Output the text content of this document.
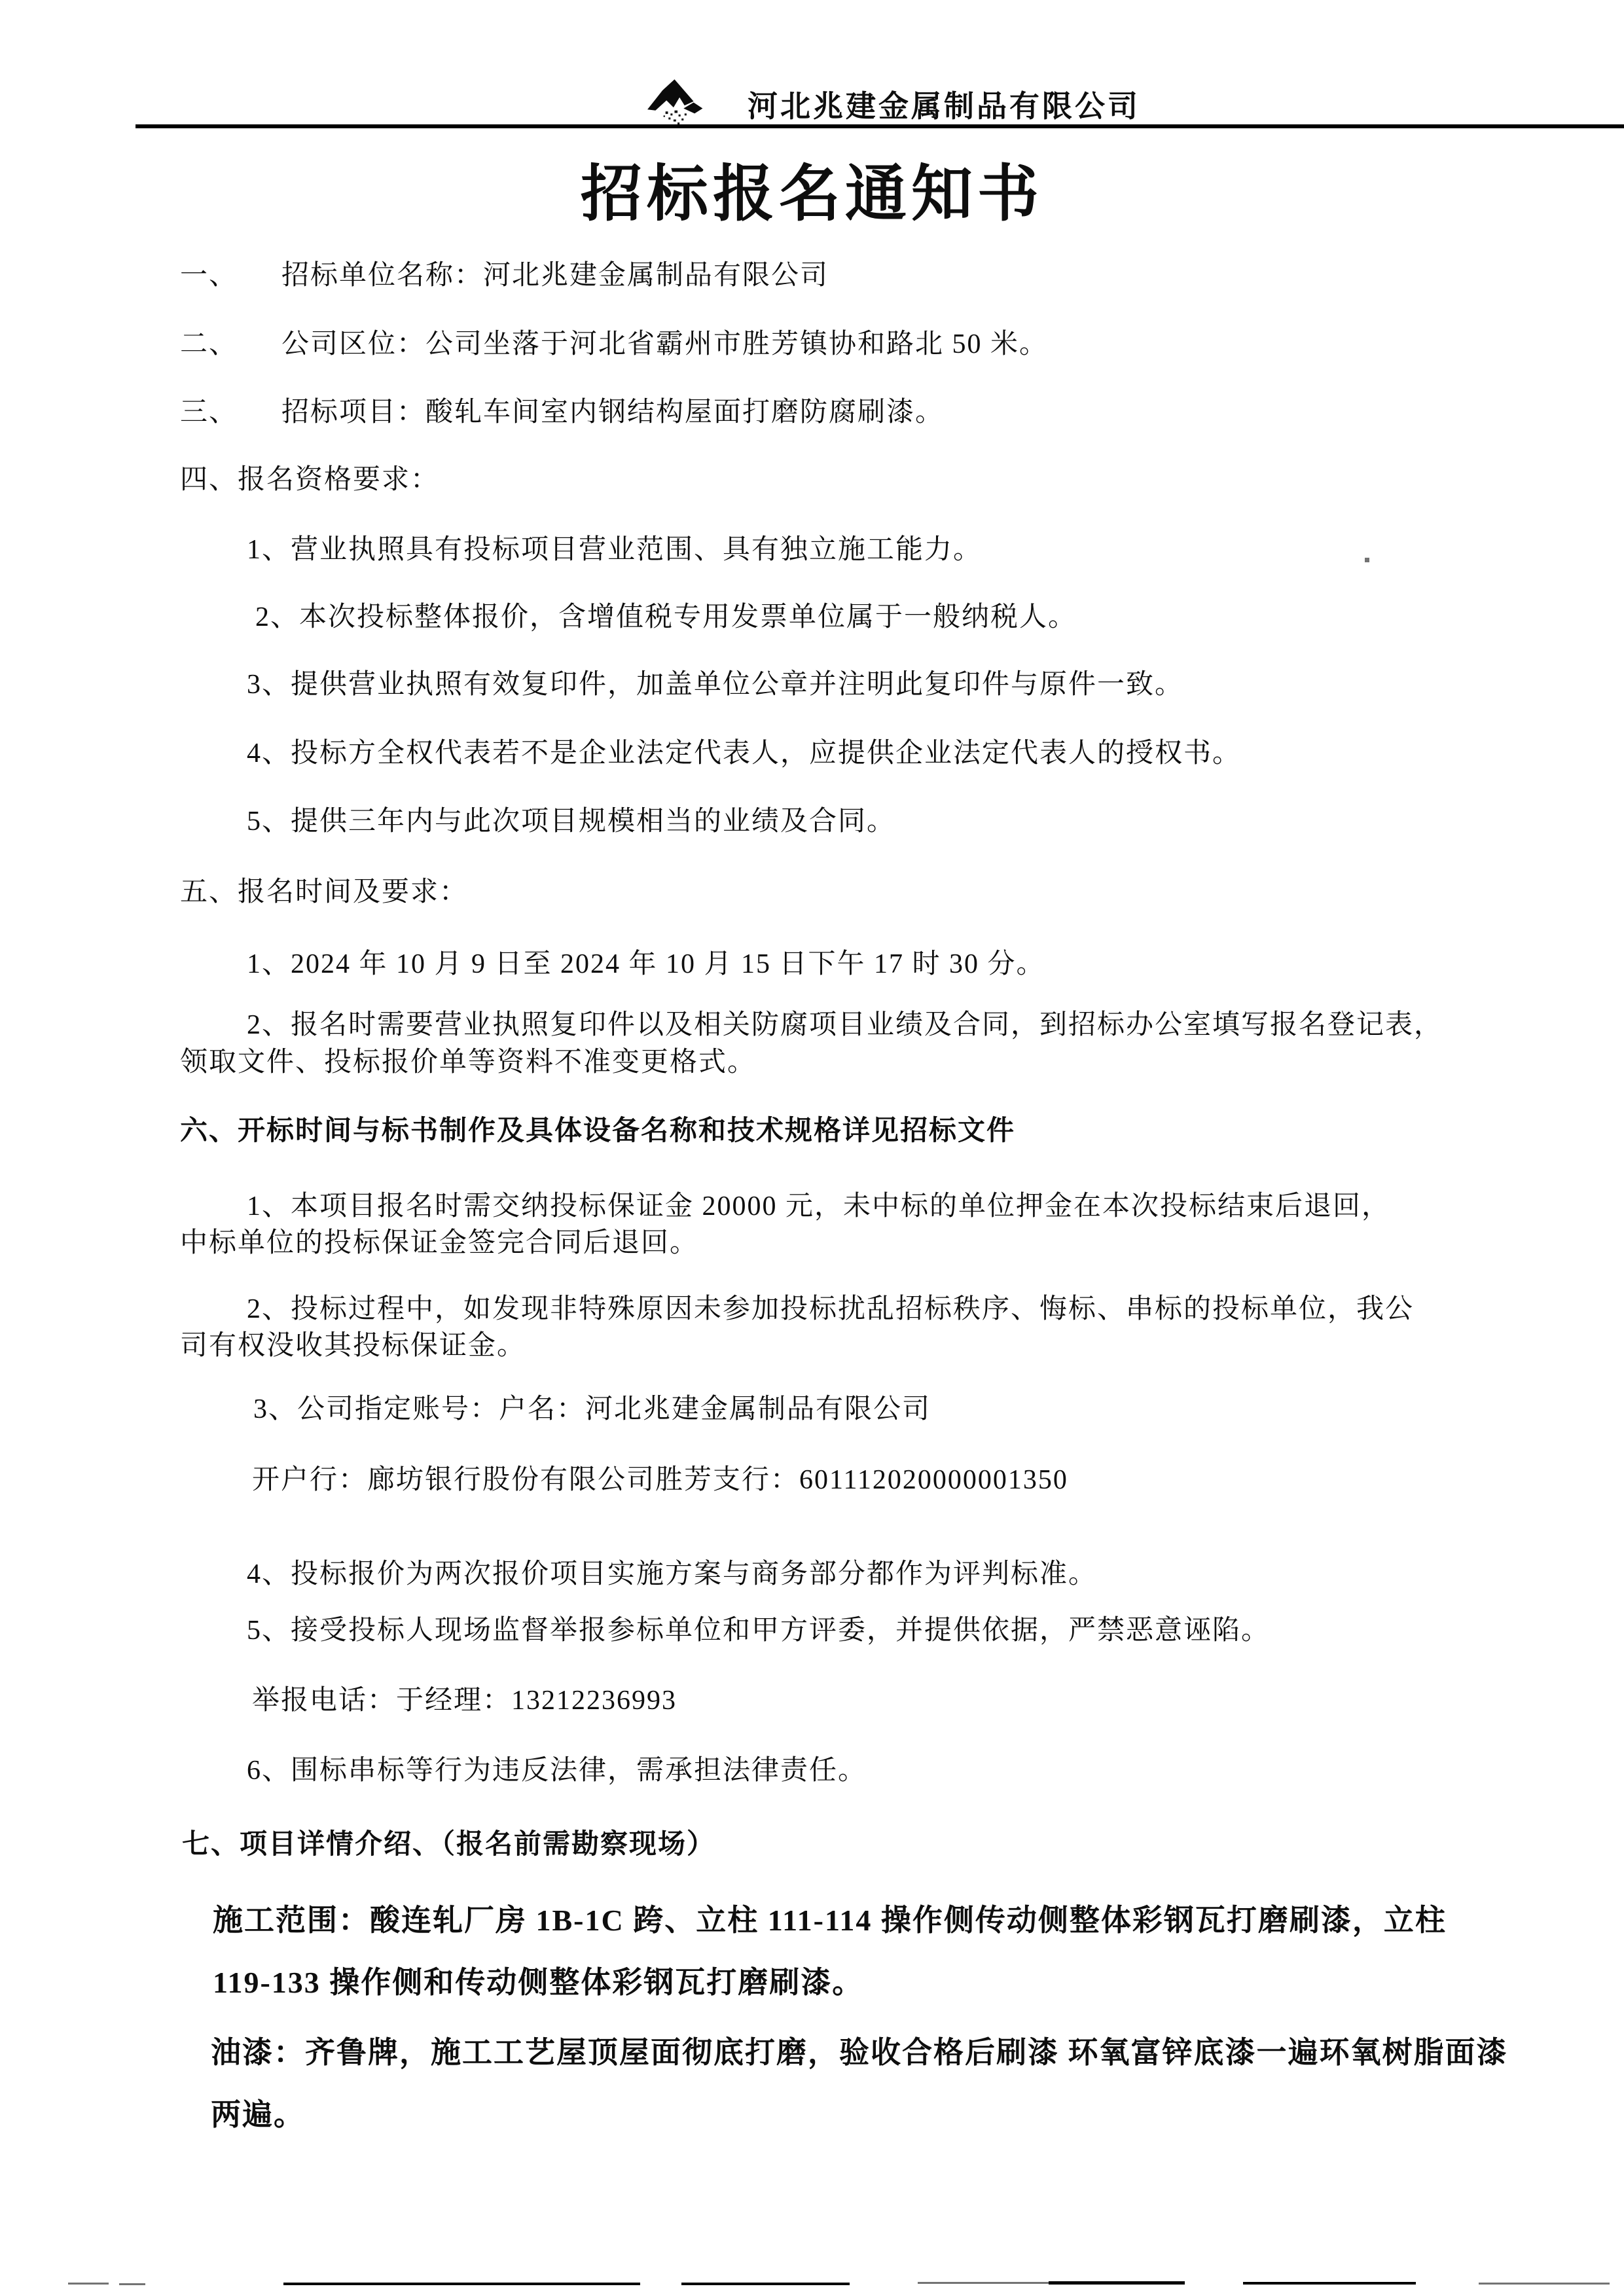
河北兆建金属制品有限公司
招标报名通知书
一、 招标单位名称：河北兆建金属制品有限公司
二、 公司区位：公司坐落于河北省霸州市胜芳镇协和路北 50 米。
三、 招标项目：酸轧车间室内钢结构屋面打磨防腐刷漆。
四、报名资格要求：
1、营业执照具有投标项目营业范围、具有独立施工能力。
2、本次投标整体报价，含增值税专用发票单位属于一般纳税人。
3、提供营业执照有效复印件，加盖单位公章并注明此复印件与原件一致。
4、投标方全权代表若不是企业法定代表人，应提供企业法定代表人的授权书。
5、提供三年内与此次项目规模相当的业绩及合同。
五、报名时间及要求：
1、2024 年 10 月 9 日至 2024 年 10 月 15 日下午 17 时 30 分。
2、报名时需要营业执照复印件以及相关防腐项目业绩及合同，到招标办公室填写报名登记表，
领取文件、投标报价单等资料不准变更格式。
六、开标时间与标书制作及具体设备名称和技术规格详见招标文件
1、本项目报名时需交纳投标保证金 20000 元，未中标的单位押金在本次投标结束后退回，
中标单位的投标保证金签完合同后退回。
2、投标过程中，如发现非特殊原因未参加投标扰乱招标秩序、悔标、串标的投标单位，我公
司有权没收其投标保证金。
3、公司指定账号：户名：河北兆建金属制品有限公司
开户行：廊坊银行股份有限公司胜芳支行：601112020000001350
4、投标报价为两次报价项目实施方案与商务部分都作为评判标准。
5、接受投标人现场监督举报参标单位和甲方评委，并提供依据，严禁恶意诬陷。
举报电话：于经理：13212236993
6、围标串标等行为违反法律，需承担法律责任。
七、项目详情介绍、（报名前需勘察现场）
施工范围：酸连轧厂房 1B-1C 跨、立柱 111-114 操作侧传动侧整体彩钢瓦打磨刷漆，立柱
119-133 操作侧和传动侧整体彩钢瓦打磨刷漆。
油漆：齐鲁牌，施工工艺屋顶屋面彻底打磨，验收合格后刷漆 环氧富锌底漆一遍环氧树脂面漆
两遍。
